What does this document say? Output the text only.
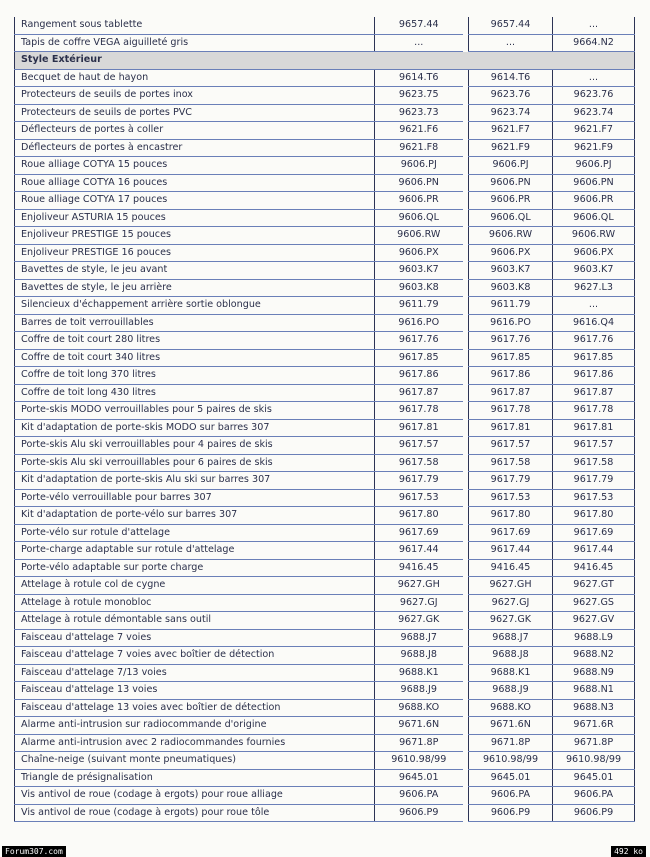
Rangement sous tablette	9657.44		9657.44	...
Tapis de coffre VEGA aiguilleté gris	...		...	9664.N2
Style Extérieur				
Becquet de haut de hayon	9614.T6		9614.T6	...
Protecteurs de seuils de portes inox	9623.75		9623.76	9623.76
Protecteurs de seuils de portes PVC	9623.73		9623.74	9623.74
Déflecteurs de portes à coller	9621.F6		9621.F7	9621.F7
Déflecteurs de portes à encastrer	9621.F8		9621.F9	9621.F9
Roue alliage COTYA 15 pouces	9606.PJ		9606.PJ	9606.PJ
Roue alliage COTYA 16 pouces	9606.PN		9606.PN	9606.PN
Roue alliage COTYA 17 pouces	9606.PR		9606.PR	9606.PR
Enjoliveur ASTURIA 15 pouces	9606.QL		9606.QL	9606.QL
Enjoliveur PRESTIGE 15 pouces	9606.RW		9606.RW	9606.RW
Enjoliveur PRESTIGE 16 pouces	9606.PX		9606.PX	9606.PX
Bavettes de style, le jeu avant	9603.K7		9603.K7	9603.K7
Bavettes de style, le jeu arrière	9603.K8		9603.K8	9627.L3
Silencieux d'échappement arrière sortie oblongue	9611.79		9611.79	...
Barres de toit verrouillables	9616.PO		9616.PO	9616.Q4
Coffre de toit court 280 litres	9617.76		9617.76	9617.76
Coffre de toit court 340 litres	9617.85		9617.85	9617.85
Coffre de toit long 370 litres	9617.86		9617.86	9617.86
Coffre de toit long 430 litres	9617.87		9617.87	9617.87
Porte-skis MODO verrouillables pour 5 paires de skis	9617.78		9617.78	9617.78
Kit d'adaptation de porte-skis MODO sur barres 307	9617.81		9617.81	9617.81
Porte-skis Alu ski verrouillables pour 4 paires de skis	9617.57		9617.57	9617.57
Porte-skis Alu ski verrouillables pour 6 paires de skis	9617.58		9617.58	9617.58
Kit d'adaptation de porte-skis Alu ski sur barres 307	9617.79		9617.79	9617.79
Porte-vélo verrouillable pour barres 307	9617.53		9617.53	9617.53
Kit d'adaptation de porte-vélo sur barres 307	9617.80		9617.80	9617.80
Porte-vélo sur rotule d'attelage	9617.69		9617.69	9617.69
Porte-charge adaptable sur rotule d'attelage	9617.44		9617.44	9617.44
Porte-vélo adaptable sur porte charge	9416.45		9416.45	9416.45
Attelage à rotule col de cygne	9627.GH		9627.GH	9627.GT
Attelage à rotule monobloc	9627.GJ		9627.GJ	9627.GS
Attelage à rotule démontable sans outil	9627.GK		9627.GK	9627.GV
Faisceau d'attelage 7 voies	9688.J7		9688.J7	9688.L9
Faisceau d'attelage 7 voies avec boîtier de détection	9688.J8		9688.J8	9688.N2
Faisceau d'attelage 7/13 voies	9688.K1		9688.K1	9688.N9
Faisceau d'attelage 13 voies	9688.J9		9688.J9	9688.N1
Faisceau d'attelage 13 voies avec boîtier de détection	9688.KO		9688.KO	9688.N3
Alarme anti-intrusion sur radiocommande d'origine	9671.6N		9671.6N	9671.6R
Alarme anti-intrusion avec 2 radiocommandes fournies	9671.8P		9671.8P	9671.8P
Chaîne-neige (suivant monte pneumatiques)	9610.98/99		9610.98/99	9610.98/99
Triangle de présignalisation	9645.01		9645.01	9645.01
Vis antivol de roue (codage à ergots) pour roue alliage	9606.PA		9606.PA	9606.PA
Vis antivol de roue (codage à ergots) pour roue tôle	9606.P9		9606.P9	9606.P9
Forum307.com	492 ko
